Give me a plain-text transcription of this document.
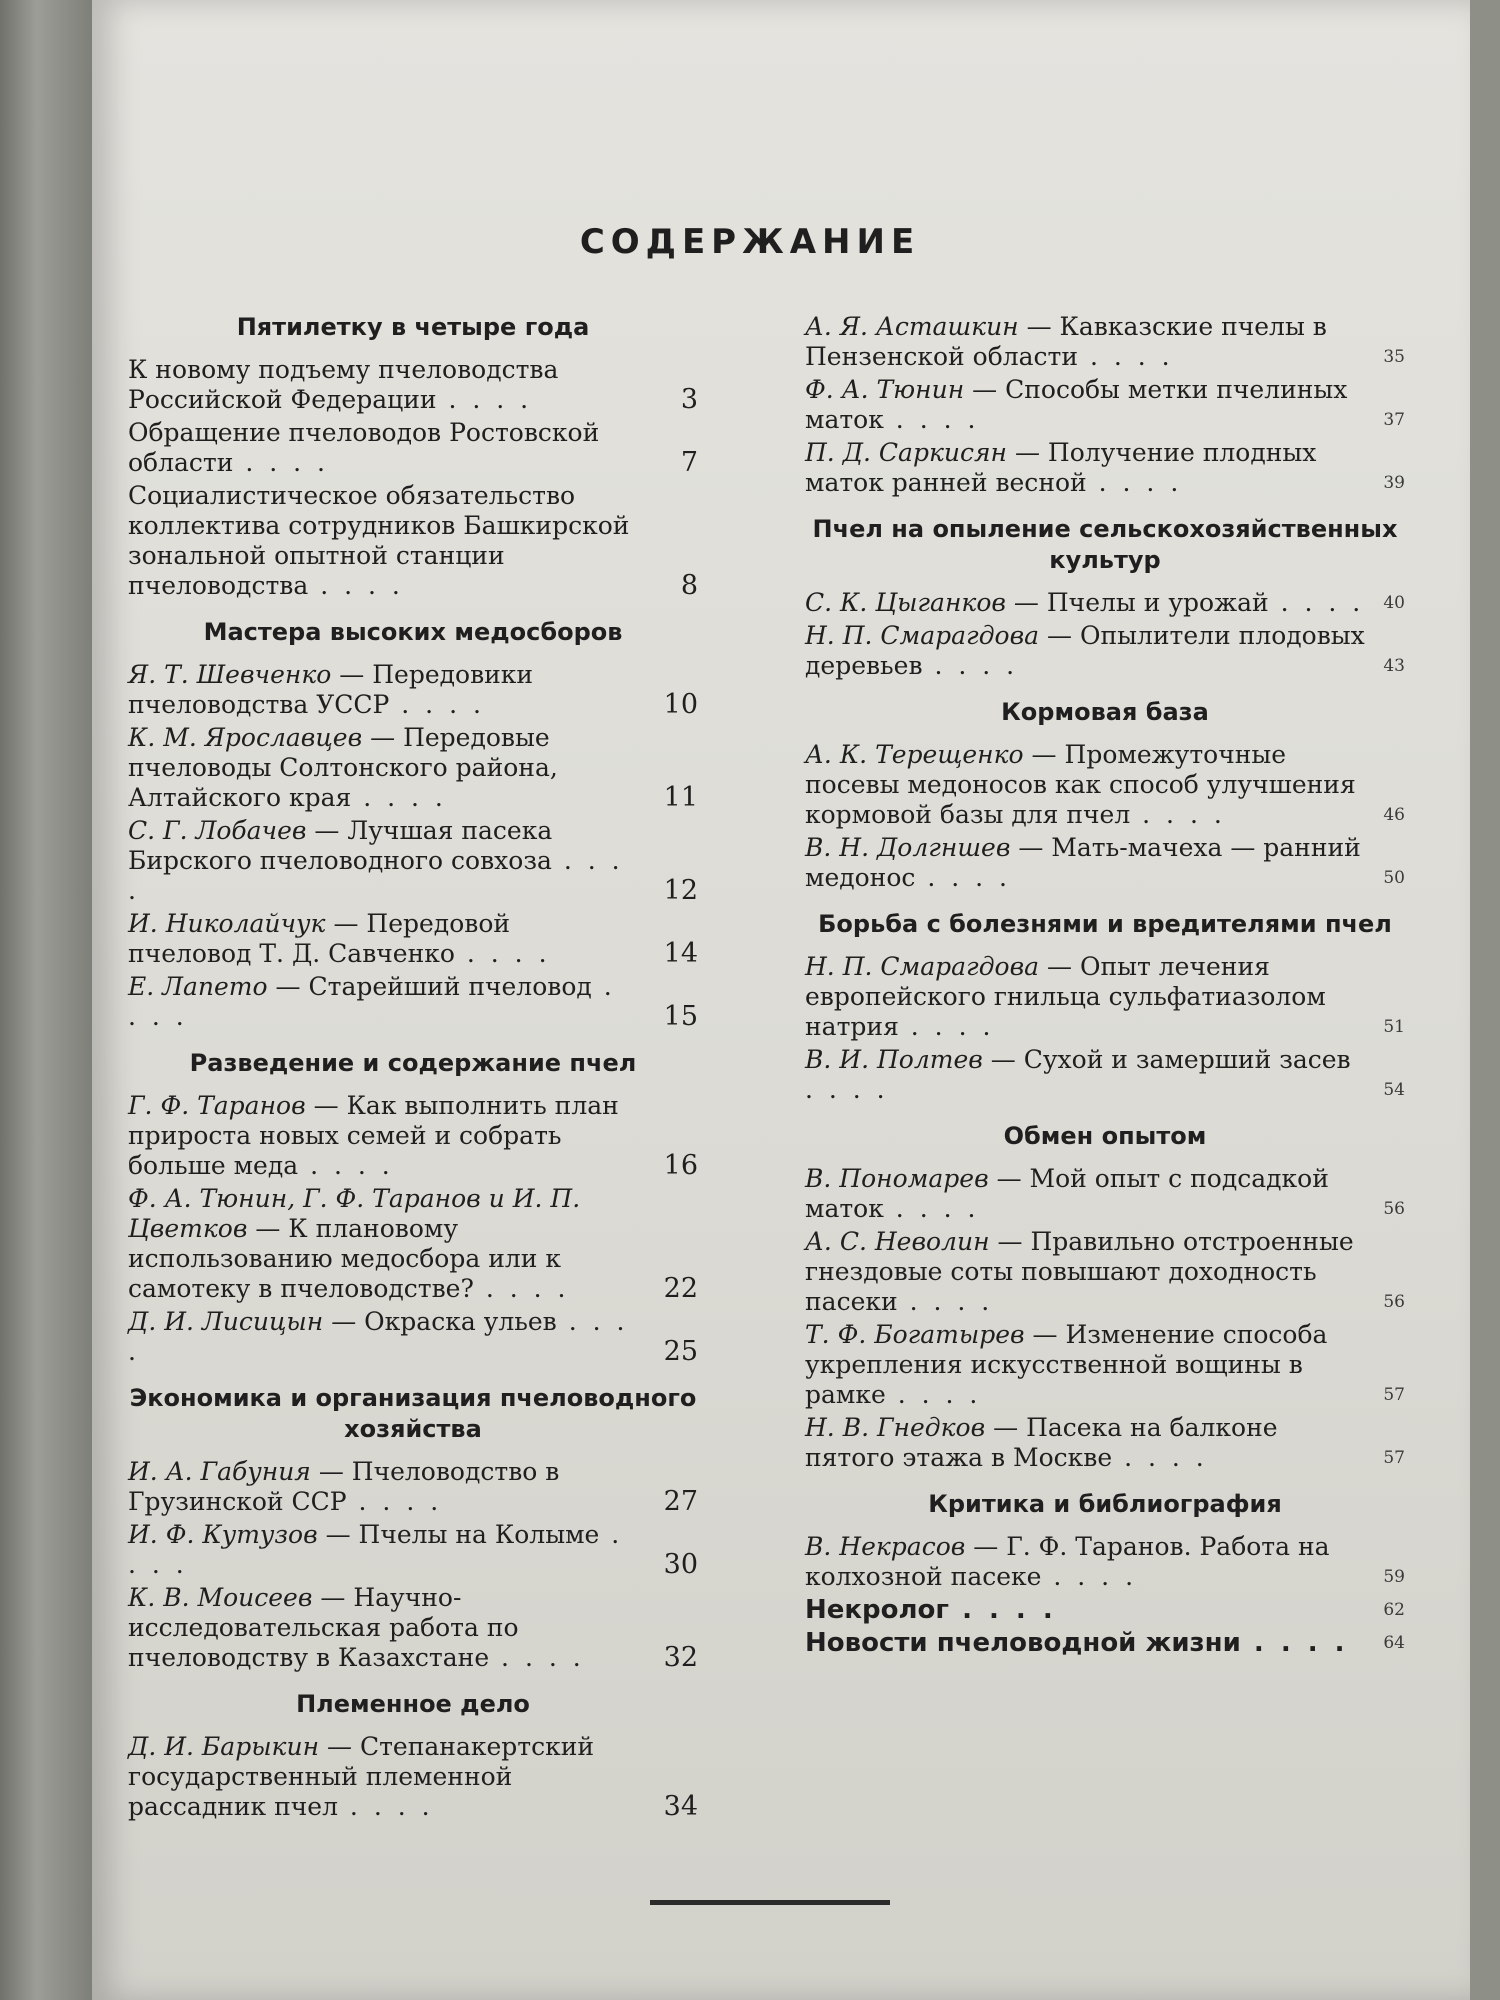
СОДЕРЖАНИЕ
Пятилетку в четыре года
К новому подъему пчеловодства Российской Федерации . . . .	3
Обращение пчеловодов Ростовской области . . . .	7
Социалистическое обязательство коллектива сотрудников Башкирской зональной опытной станции пчеловодства . . . .	8
Мастера высоких медосборов
Я. Т. Шевченко — Передовики пчеловодства УССР . . . .	10
К. М. Ярославцев — Передовые пчеловоды Солтонского района, Алтайского края . . . .	11
С. Г. Лобачев — Лучшая пасека Бирского пчеловодного совхоза . . . .	12
И. Николайчук — Передовой пчеловод Т. Д. Савченко . . . .	14
Е. Лапето — Старейший пчеловод . . . .	15
Разведение и содержание пчел
Г. Ф. Таранов — Как выполнить план прироста новых семей и собрать больше меда . . . .	16
Ф. А. Тюнин, Г. Ф. Таранов и И. П. Цветков — К плановому использованию медосбора или к самотеку в пчеловодстве? . . . .	22
Д. И. Лисицын — Окраска ульев . . . .	25
Экономика и организация пчеловодного хозяйства
И. А. Габуния — Пчеловодство в Грузинской ССР . . . .	27
И. Ф. Кутузов — Пчелы на Колыме . . . .	30
К. В. Моисеев — Научно-исследовательская работа по пчеловодству в Казахстане . . . .	32
Племенное дело
Д. И. Барыкин — Степанакертский государственный племенной рассадник пчел . . . .	34
А. Я. Асташкин — Кавказские пчелы в Пензенской области . . . .	35
Ф. А. Тюнин — Способы метки пчелиных маток . . . .	37
П. Д. Саркисян — Получение плодных маток ранней весной . . . .	39
Пчел на опыление сельскохозяйственных культур
С. К. Цыганков — Пчелы и урожай . . . .	40
Н. П. Смарагдова — Опылители плодовых деревьев . . . .	43
Кормовая база
А. К. Терещенко — Промежуточные посевы медоносов как способ улучшения кормовой базы для пчел . . . .	46
В. Н. Долгншев — Мать-мачеха — ранний медонос . . . .	50
Борьба с болезнями и вредителями пчел
Н. П. Смарагдова — Опыт лечения европейского гнильца сульфатиазолом натрия . . . .	51
В. И. Полтев — Сухой и замерший засев . . . .	54
Обмен опытом
В. Пономарев — Мой опыт с подсадкой маток . . . .	56
А. С. Неволин — Правильно отстроенные гнездовые соты повышают доходность пасеки . . . .	56
Т. Ф. Богатырев — Изменение способа укрепления искусственной вощины в рамке . . . .	57
Н. В. Гнедков — Пасека на балконе пятого этажа в Москве . . . .	57
Критика и библиография
В. Некрасов — Г. Ф. Таранов. Работа на колхозной пасеке . . . .	59
Некролог . . . .	62
Новости пчеловодной жизни . . . .	64
